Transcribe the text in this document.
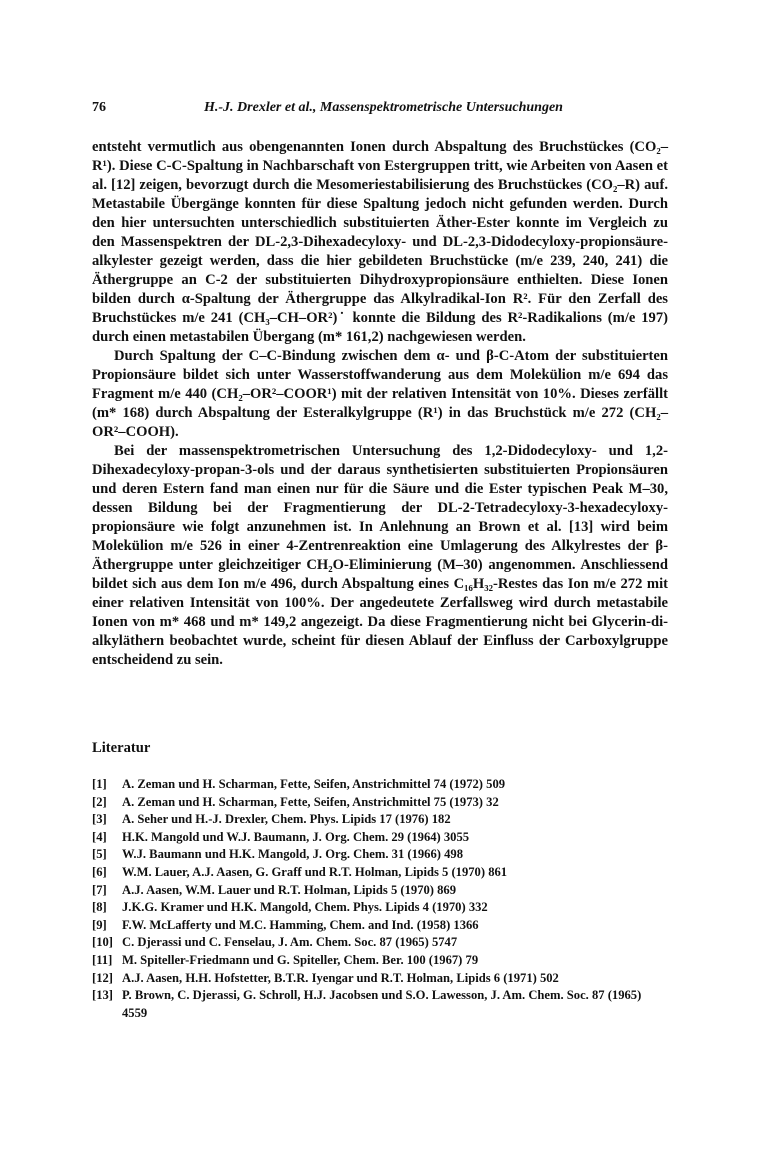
76	H.-J. Drexler et al., Massenspektrometrische Untersuchungen

entsteht vermutlich aus obengenannten Ionen durch Abspaltung des Bruchstückes (CO₂–R¹). Diese C-C-Spaltung in Nachbarschaft von Estergruppen tritt, wie Arbeiten von Aasen et al. [12] zeigen, bevorzugt durch die Mesomeriestabilisierung des Bruchstückes (CO₂–R) auf. Metastabile Übergänge konnten für diese Spaltung jedoch nicht gefunden werden. Durch den hier untersuchten unterschiedlich substituierten Äther-Ester konnte im Vergleich zu den Massenspektren der DL-2,3-Dihexadecyloxy- und DL-2,3-Didodecyloxy-propionsäure-alkylester gezeigt werden, dass die hier gebildeten Bruchstücke (m/e 239, 240, 241) die Äthergruppe an C-2 der substituierten Dihydroxypropionsäure enthielten. Diese Ionen bilden durch α-Spaltung der Äthergruppe das Alkylradikal-Ion R². Für den Zerfall des Bruchstückes m/e 241 (CH₃–CH–OR²)˙ konnte die Bildung des R²-Radikalions (m/e 197) durch einen metastabilen Übergang (m* 161,2) nachgewiesen werden.

Durch Spaltung der C–C-Bindung zwischen dem α- und β-C-Atom der substituierten Propionsäure bildet sich unter Wasserstoffwanderung aus dem Molekülion m/e 694 das Fragment m/e 440 (CH₂–OR²–COOR¹) mit der relativen Intensität von 10%. Dieses zerfällt (m* 168) durch Abspaltung der Esteralkylgruppe (R¹) in das Bruchstück m/e 272 (CH₂–OR²–COOH).

Bei der massenspektrometrischen Untersuchung des 1,2-Didodecyloxy- und 1,2-Dihexadecyloxy-propan-3-ols und der daraus synthetisierten substituierten Propionsäuren und deren Estern fand man einen nur für die Säure und die Ester typischen Peak M–30, dessen Bildung bei der Fragmentierung der DL-2-Tetradecyloxy-3-hexadecyloxy-propionsäure wie folgt anzunehmen ist. In Anlehnung an Brown et al. [13] wird beim Molekülion m/e 526 in einer 4-Zentrenreaktion eine Umlagerung des Alkylrestes der β-Äthergruppe unter gleichzeitiger CH₂O-Eliminierung (M–30) angenommen. Anschliessend bildet sich aus dem Ion m/e 496, durch Abspaltung eines C₁₆H₃₂-Restes das Ion m/e 272 mit einer relativen Intensität von 100%. Der angedeutete Zerfallsweg wird durch metastabile Ionen von m* 468 und m* 149,2 angezeigt. Da diese Fragmentierung nicht bei Glycerin-di-alkyläthern beobachtet wurde, scheint für diesen Ablauf der Einfluss der Carboxylgruppe entscheidend zu sein.

Literatur
[1] A. Zeman und H. Scharman, Fette, Seifen, Anstrichmittel 74 (1972) 509
[2] A. Zeman und H. Scharman, Fette, Seifen, Anstrichmittel 75 (1973) 32
[3] A. Seher und H.-J. Drexler, Chem. Phys. Lipids 17 (1976) 182
[4] H.K. Mangold und W.J. Baumann, J. Org. Chem. 29 (1964) 3055
[5] W.J. Baumann und H.K. Mangold, J. Org. Chem. 31 (1966) 498
[6] W.M. Lauer, A.J. Aasen, G. Graff und R.T. Holman, Lipids 5 (1970) 861
[7] A.J. Aasen, W.M. Lauer und R.T. Holman, Lipids 5 (1970) 869
[8] J.K.G. Kramer und H.K. Mangold, Chem. Phys. Lipids 4 (1970) 332
[9] F.W. McLafferty und M.C. Hamming, Chem. and Ind. (1958) 1366
[10] C. Djerassi und C. Fenselau, J. Am. Chem. Soc. 87 (1965) 5747
[11] M. Spiteller-Friedmann und G. Spiteller, Chem. Ber. 100 (1967) 79
[12] A.J. Aasen, H.H. Hofstetter, B.T.R. Iyengar und R.T. Holman, Lipids 6 (1971) 502
[13] P. Brown, C. Djerassi, G. Schroll, H.J. Jacobsen und S.O. Lawesson, J. Am. Chem. Soc. 87 (1965) 4559
